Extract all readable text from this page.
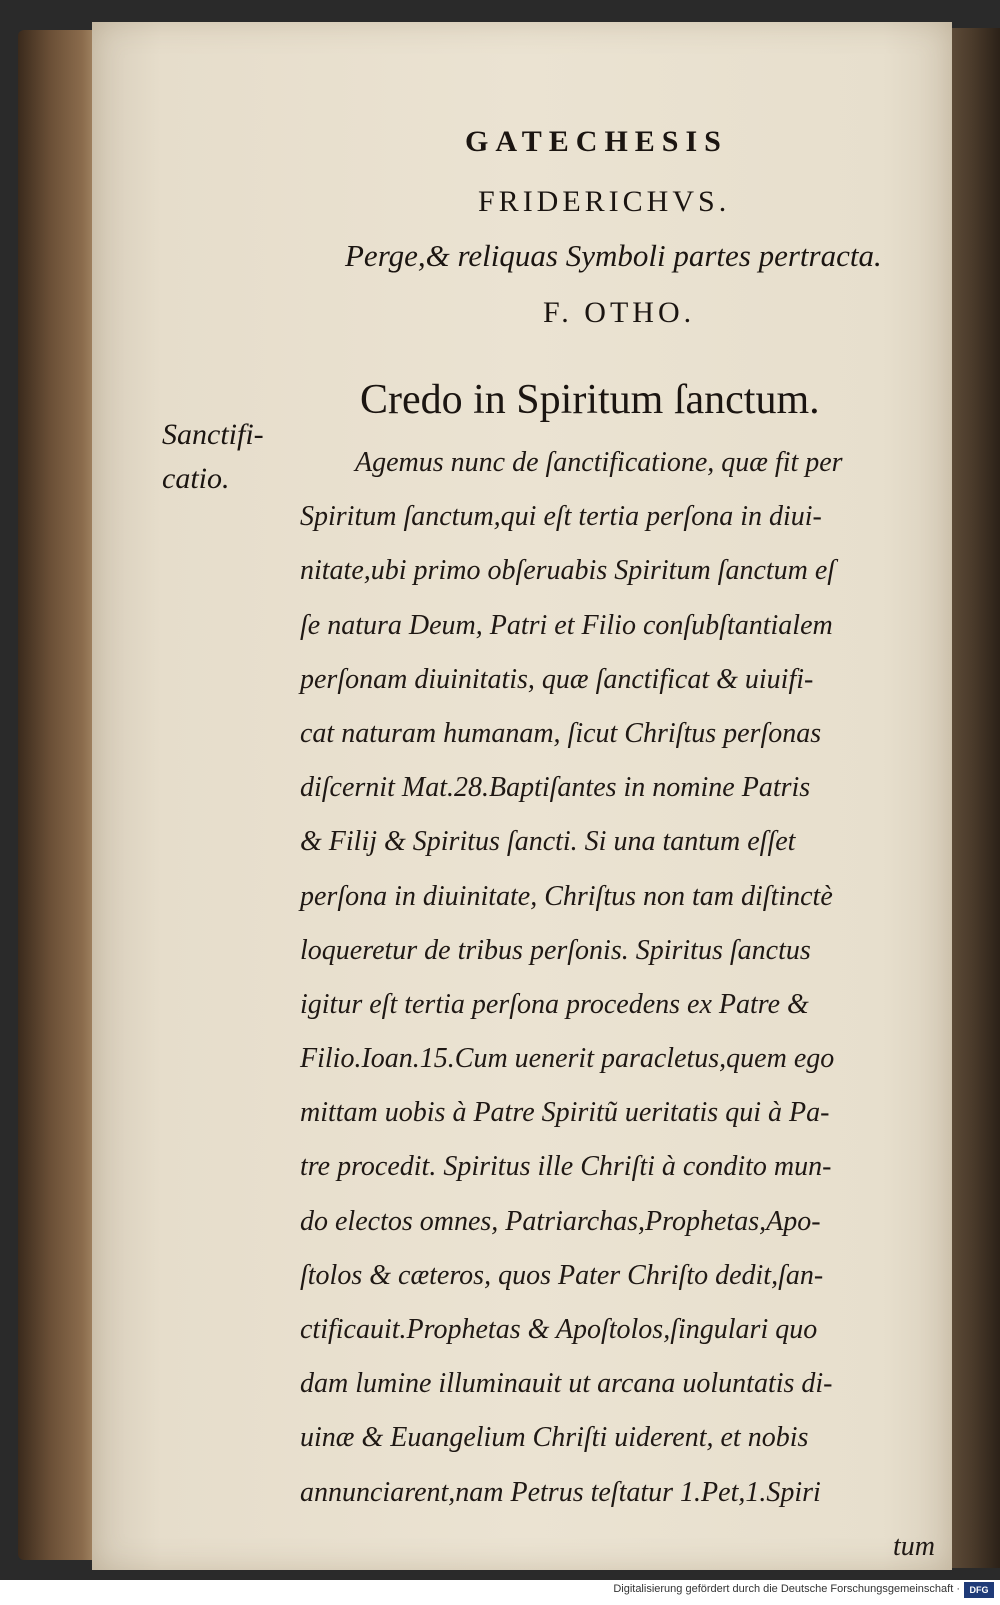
GATECHESIS
FRIDERICHVS.
Perge,& reliquas Symboli partes pertracta.
F. OTHO.
Credo in Spiritum ſanctum.
Sanctifi-
catio.	Agemus nunc de ſanctificatione, quæ fit per
Spiritum ſanctum,qui eſt tertia perſona in diui-
nitate,ubi primo obſeruabis Spiritum ſanctum eſ
ſe natura Deum, Patri et Filio conſubſtantialem
perſonam diuinitatis, quæ ſanctificat & uiuifi-
cat naturam humanam, ſicut Chriſtus perſonas
diſcernit Mat.28.Baptiſantes in nomine Patris
& Filij & Spiritus ſancti. Si una tantum eſſet
perſona in diuinitate, Chriſtus non tam diſtinctè
loqueretur de tribus perſonis. Spiritus ſanctus
igitur eſt tertia perſona procedens ex Patre &
Filio.Ioan.15.Cum uenerit paracletus,quem ego
mittam uobis à Patre Spiritũ ueritatis qui à Pa-
tre procedit. Spiritus ille Chriſti à condito mun-
do electos omnes, Patriarchas,Prophetas,Apo-
ſtolos & cæteros, quos Pater Chriſto dedit,ſan-
ctificauit.Prophetas & Apoſtolos,ſingulari quo
dam lumine illuminauit ut arcana uoluntatis di-
uinæ & Euangelium Chriſti uiderent, et nobis
annunciarent,nam Petrus teſtatur 1.Pet,1.Spiri
tum
Digitalisierung gefördert durch die Deutsche Forschungsgemeinschaft ·	DFG
